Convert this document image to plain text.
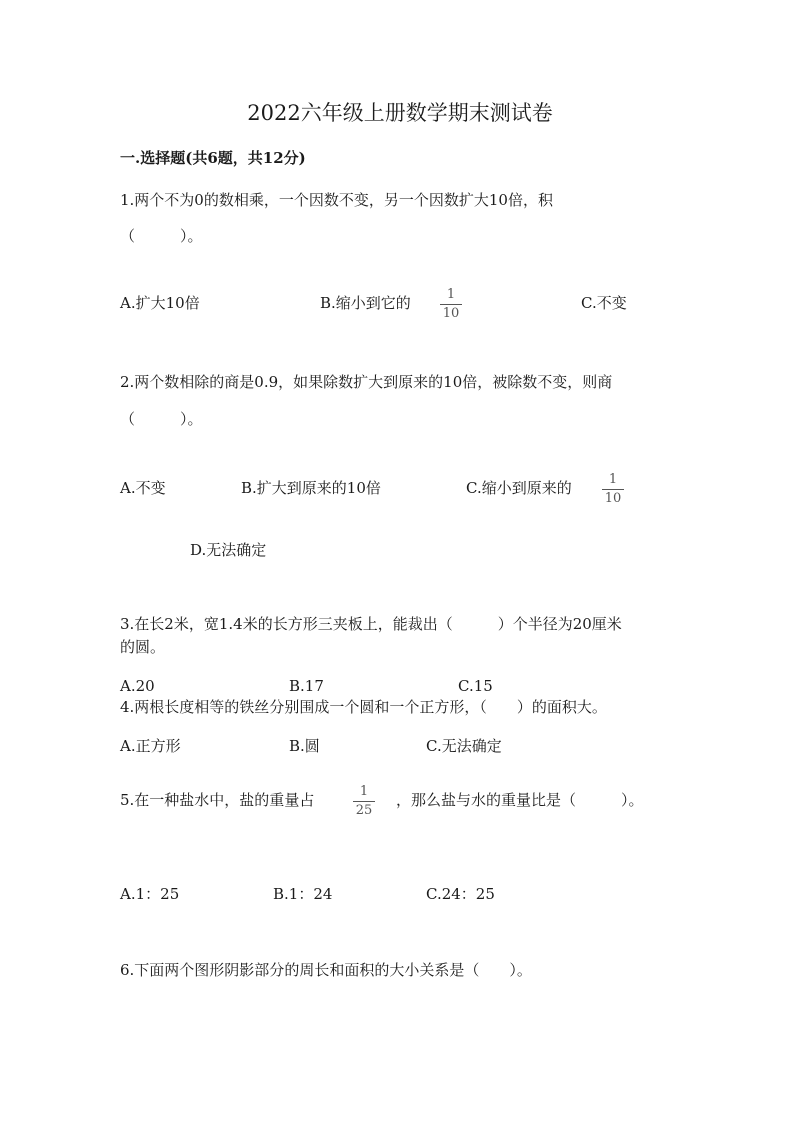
2022六年级上册数学期末测试卷
一.选择题(共6题，共12分)
1.两个不为0的数相乘，一个因数不变，另一个因数扩大10倍，积
（　　　）。
A.扩大10倍	B.缩小到它的	1
10
C.不变
2.两个数相除的商是0.9，如果除数扩大到原来的10倍，被除数不变，则商
（　　　）。
A.不变	B.扩大到原来的10倍	C.缩小到原来的	1
10
D.无法确定
3.在长2米，宽1.4米的长方形三夹板上，能裁出（　　　）个半径为20厘米
的圆。
A.20	B.17	C.15
4.两根长度相等的铁丝分别围成一个圆和一个正方形，（　　）的面积大。
A.正方形	B.圆	C.无法确定
5.在一种盐水中，盐的重量占	1
25
，那么盐与水的重量比是（　　　）。
A.1：25	B.1：24	C.24：25
6.下面两个图形阴影部分的周长和面积的大小关系是（　　）。
